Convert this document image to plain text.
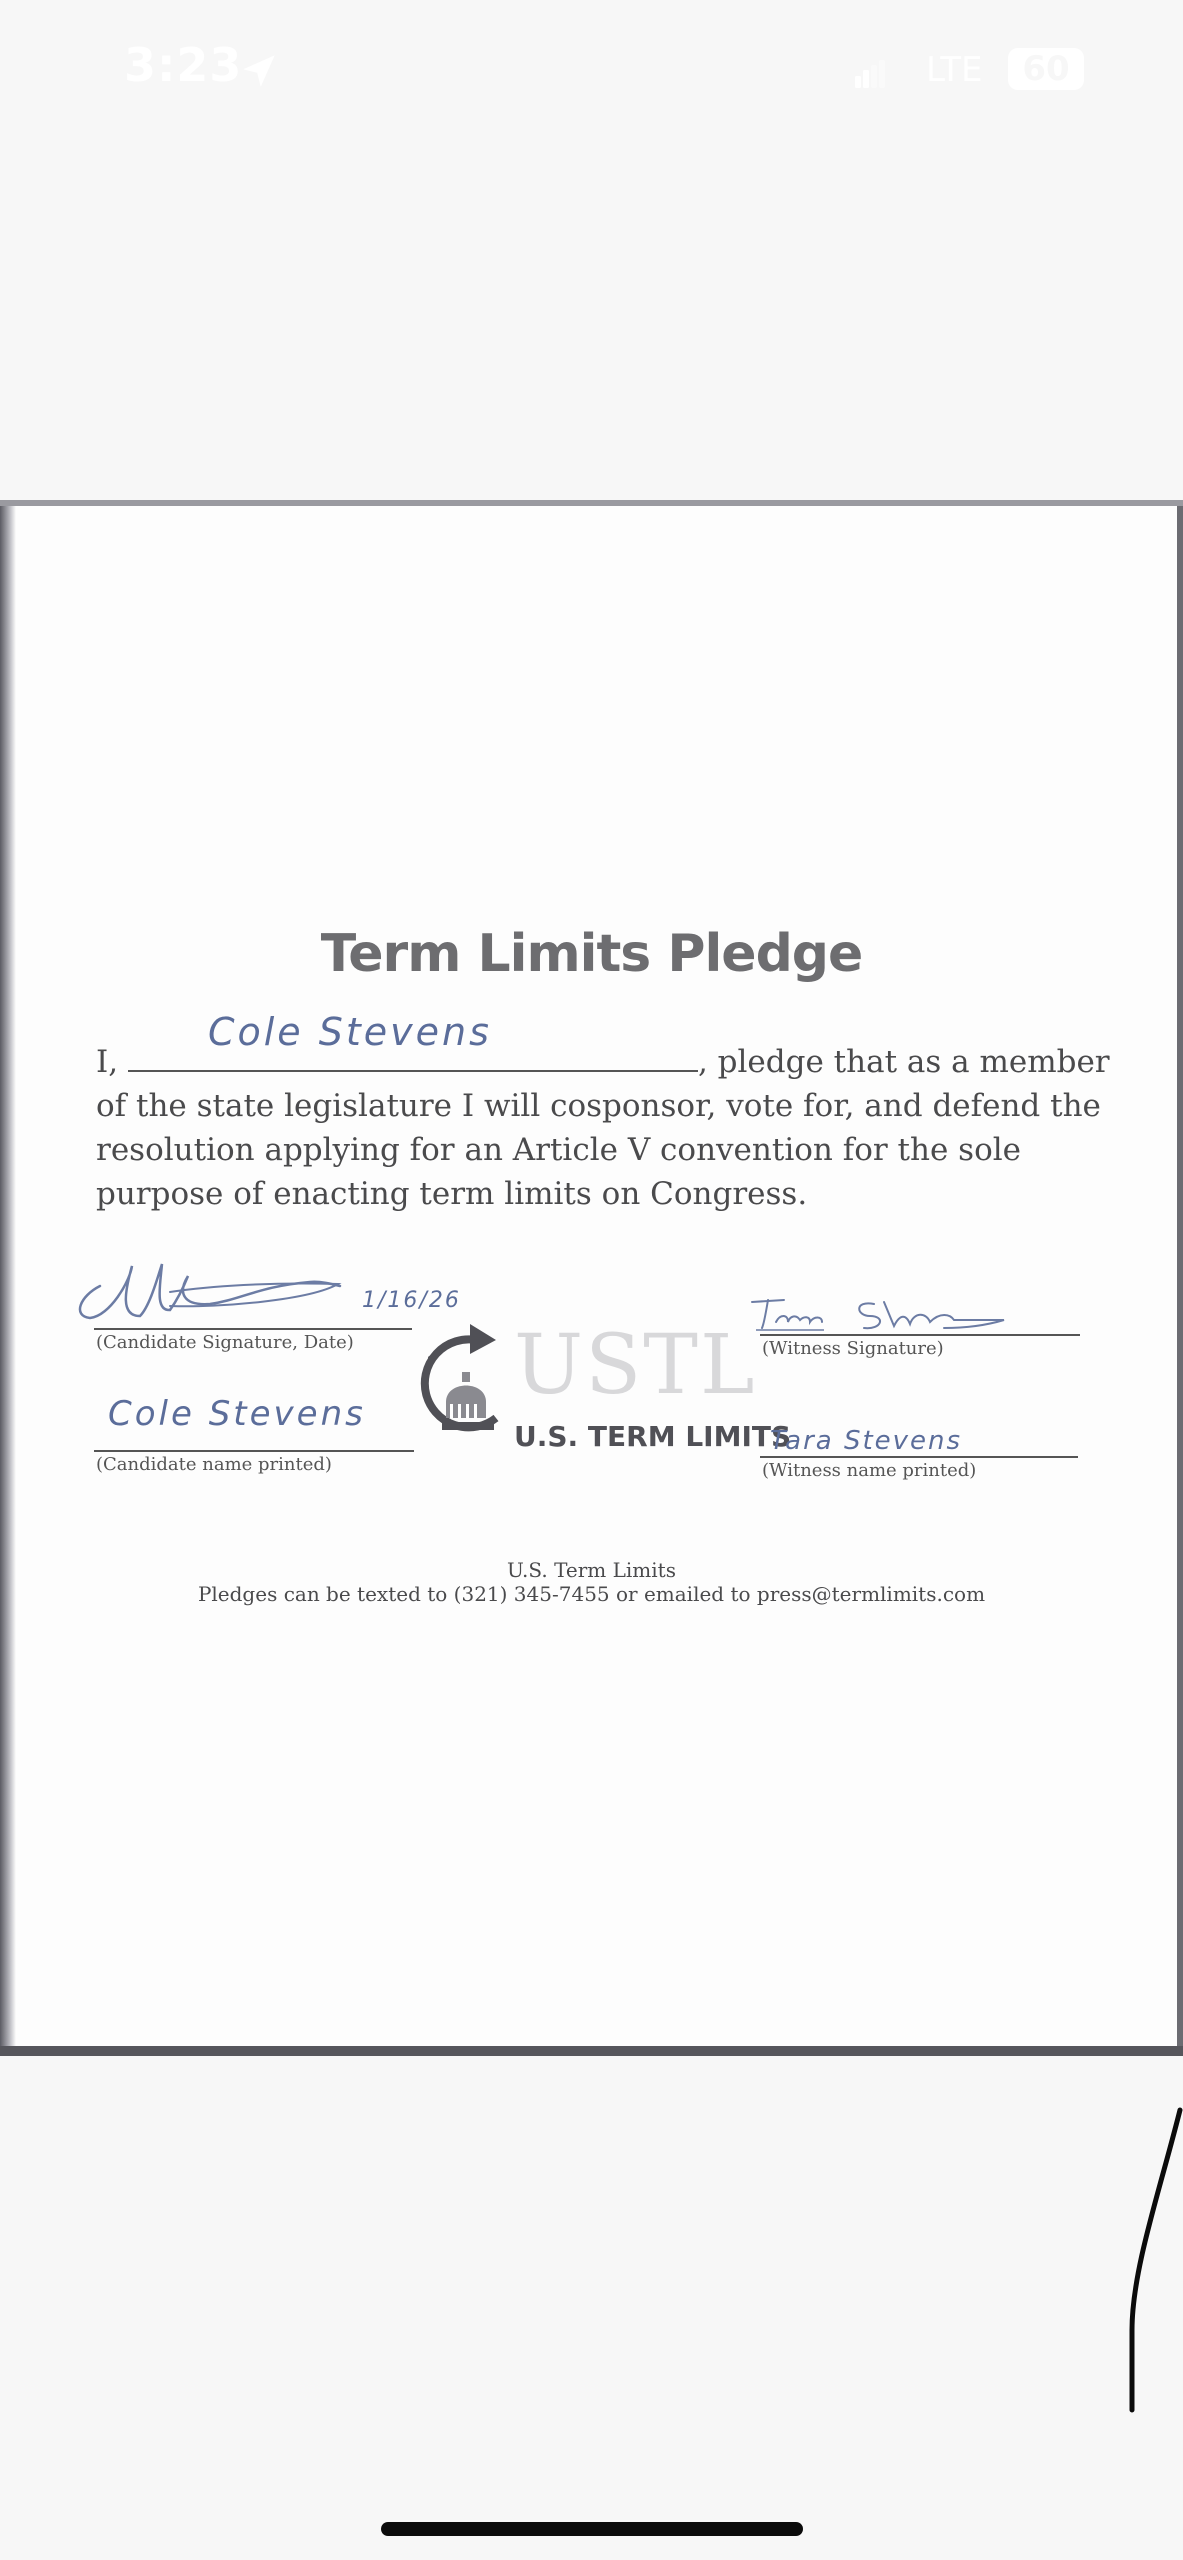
3:23	LTE	60
Term Limits Pledge
I,
Cole Stevens
, pledge that as a member
of the state legislature I will cosponsor, vote for, and defend the
resolution applying for an Article V convention for the sole
purpose of enacting term limits on Congress.
1/16/26
(Candidate Signature, Date)
Cole Stevens
(Candidate name printed)
USTL
U.S. TERM LIMITS
(Witness Signature)
Tara Stevens
(Witness name printed)
U.S. Term Limits
Pledges can be texted to (321) 345-7455 or emailed to press@termlimits.com
